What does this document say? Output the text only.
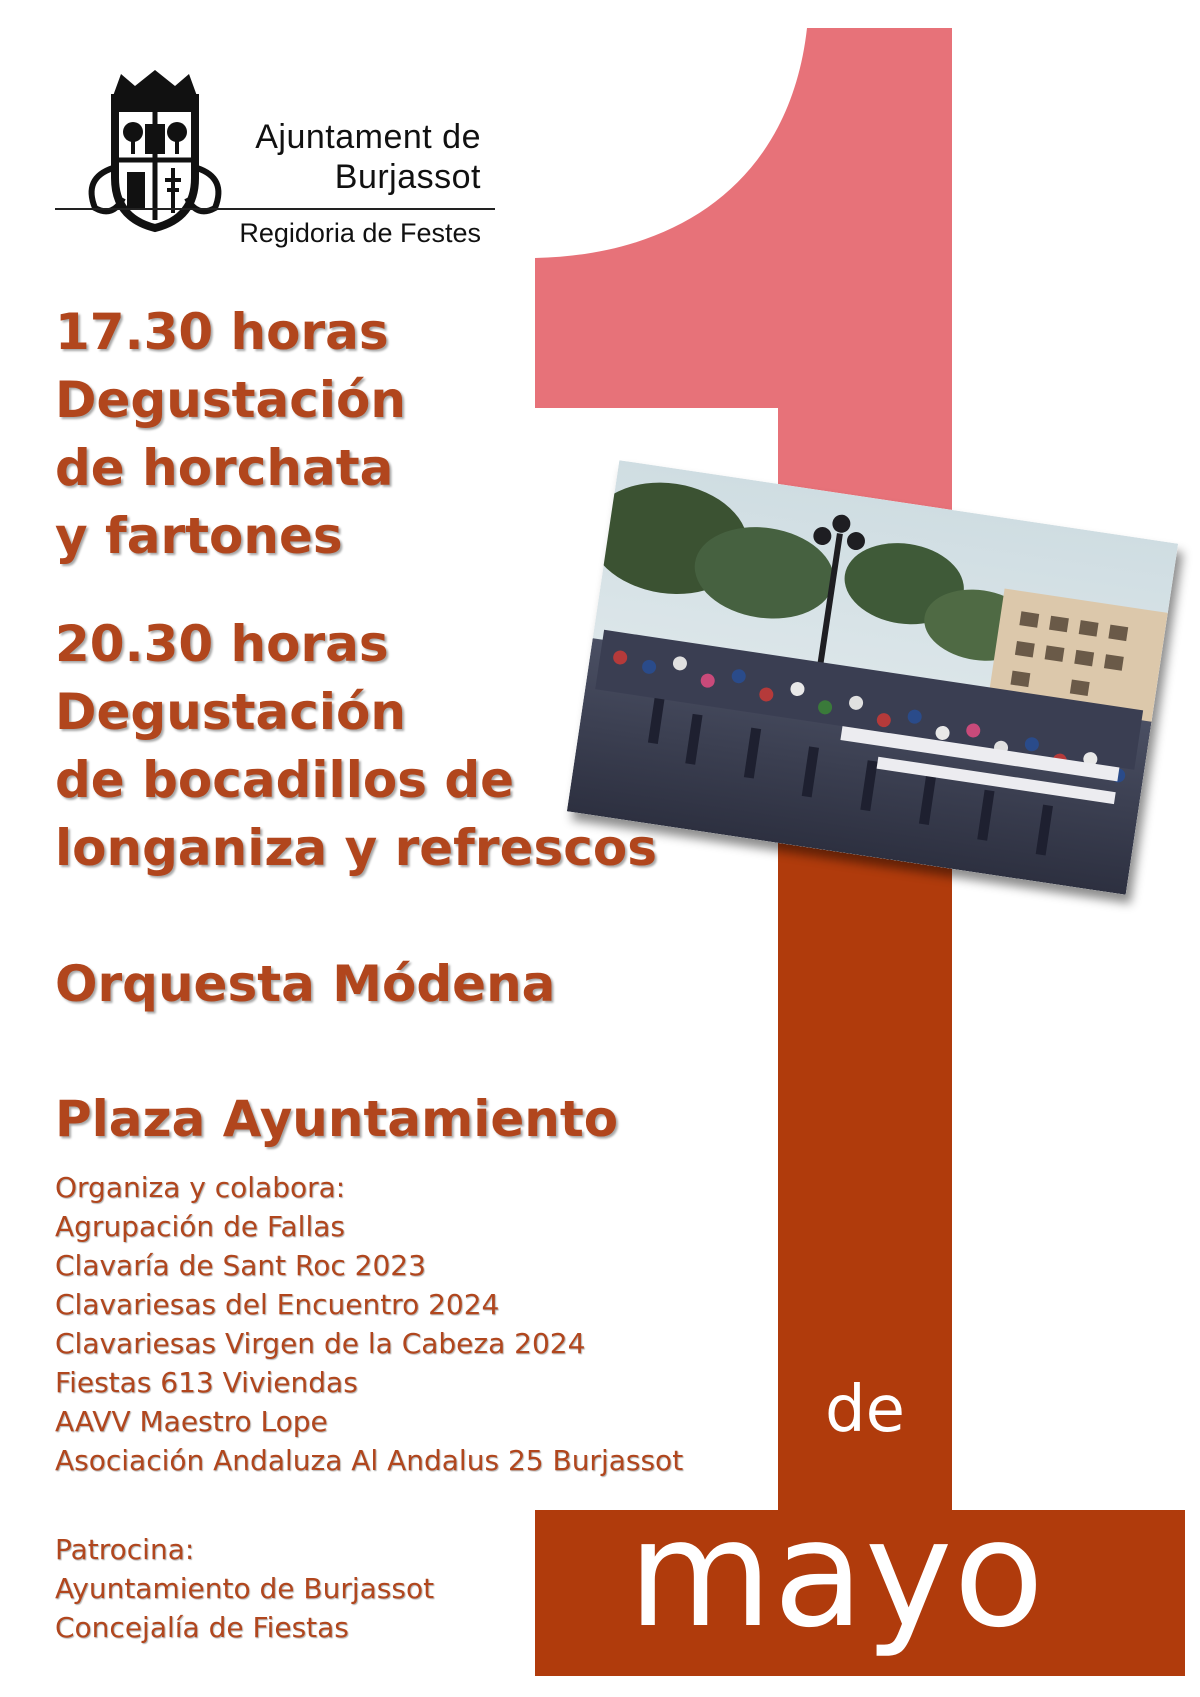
1
Ajuntament de
Burjassot
Regidoria de Festes
17.30 horas
Degustación
de horchata
y fartones
20.30 horas
Degustación
de bocadillos de
longaniza y refrescos
Orquesta Módena
Plaza Ayuntamiento
Organiza y colabora:
Agrupación de Fallas
Clavaría de Sant Roc 2023
Clavariesas del Encuentro 2024
Clavariesas Virgen de la Cabeza 2024
Fiestas 613 Viviendas
AAVV Maestro Lope
Asociación Andaluza Al Andalus 25 Burjassot
Patrocina:
Ayuntamiento de Burjassot
Concejalía de Fiestas
de
mayo
